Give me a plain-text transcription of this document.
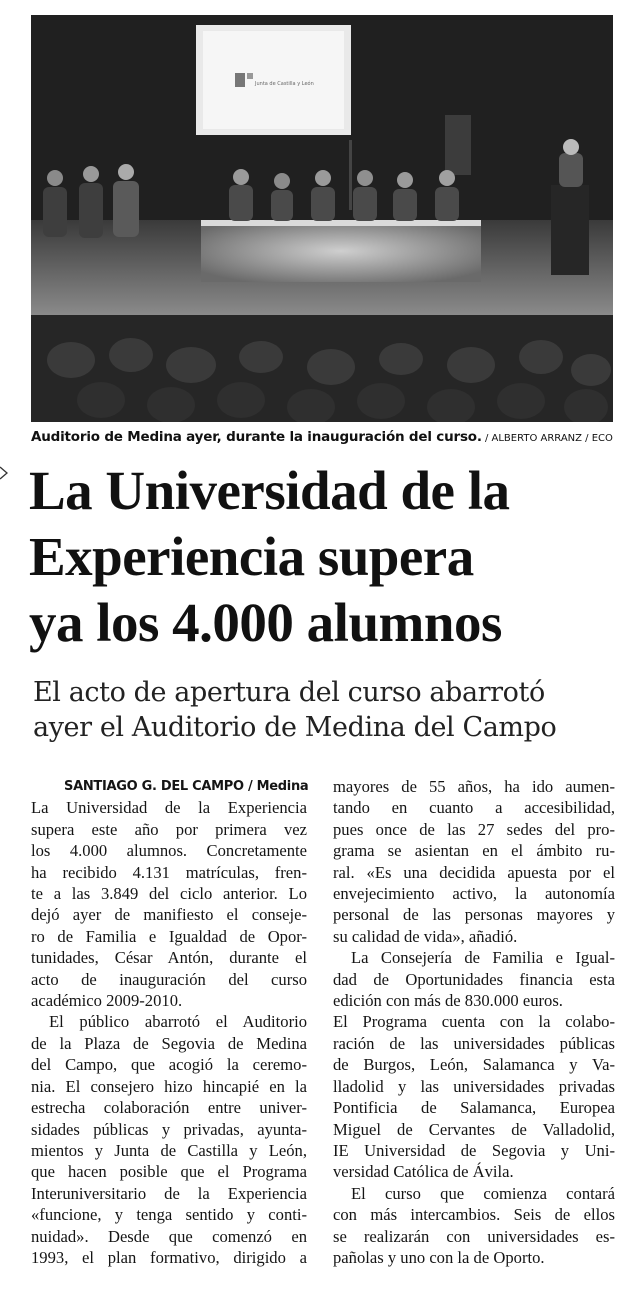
Junta de Castilla y León
Auditorio de Medina ayer, durante la inauguración del curso. / ALBERTO ARRANZ / ECO
La Universidad de la
Experiencia supera
ya los 4.000 alumnos
El acto de apertura del curso abarrotó
ayer el Auditorio de Medina del Campo
SANTIAGO G. DEL CAMPO / Medina
La Universidad de la Experiencia
supera este año por primera vez
los 4.000 alumnos. Concretamente
ha recibido 4.131 matrículas, fren-
te a las 3.849 del ciclo anterior. Lo
dejó ayer de manifiesto el conseje-
ro de Familia e Igualdad de Opor-
tunidades, César Antón, durante el
acto de inauguración del curso
académico 2009-2010.
El público abarrotó el Auditorio
de la Plaza de Segovia de Medina
del Campo, que acogió la ceremo-
nia. El consejero hizo hincapié en la
estrecha colaboración entre univer-
sidades públicas y privadas, ayunta-
mientos y Junta de Castilla y León,
que hacen posible que el Programa
Interuniversitario de la Experiencia
«funcione, y tenga sentido y conti-
nuidad». Desde que comenzó en
1993, el plan formativo, dirigido a
mayores de 55 años, ha ido aumen-
tando en cuanto a accesibilidad,
pues once de las 27 sedes del pro-
grama se asientan en el ámbito ru-
ral. «Es una decidida apuesta por el
envejecimiento activo, la autonomía
personal de las personas mayores y
su calidad de vida», añadió.
La Consejería de Familia e Igual-
dad de Oportunidades financia esta
edición con más de 830.000 euros.
El Programa cuenta con la colabo-
ración de las universidades públicas
de Burgos, León, Salamanca y Va-
lladolid y las universidades privadas
Pontificia de Salamanca, Europea
Miguel de Cervantes de Valladolid,
IE Universidad de Segovia y Uni-
versidad Católica de Ávila.
El curso que comienza contará
con más intercambios. Seis de ellos
se realizarán con universidades es-
pañolas y uno con la de Oporto.
